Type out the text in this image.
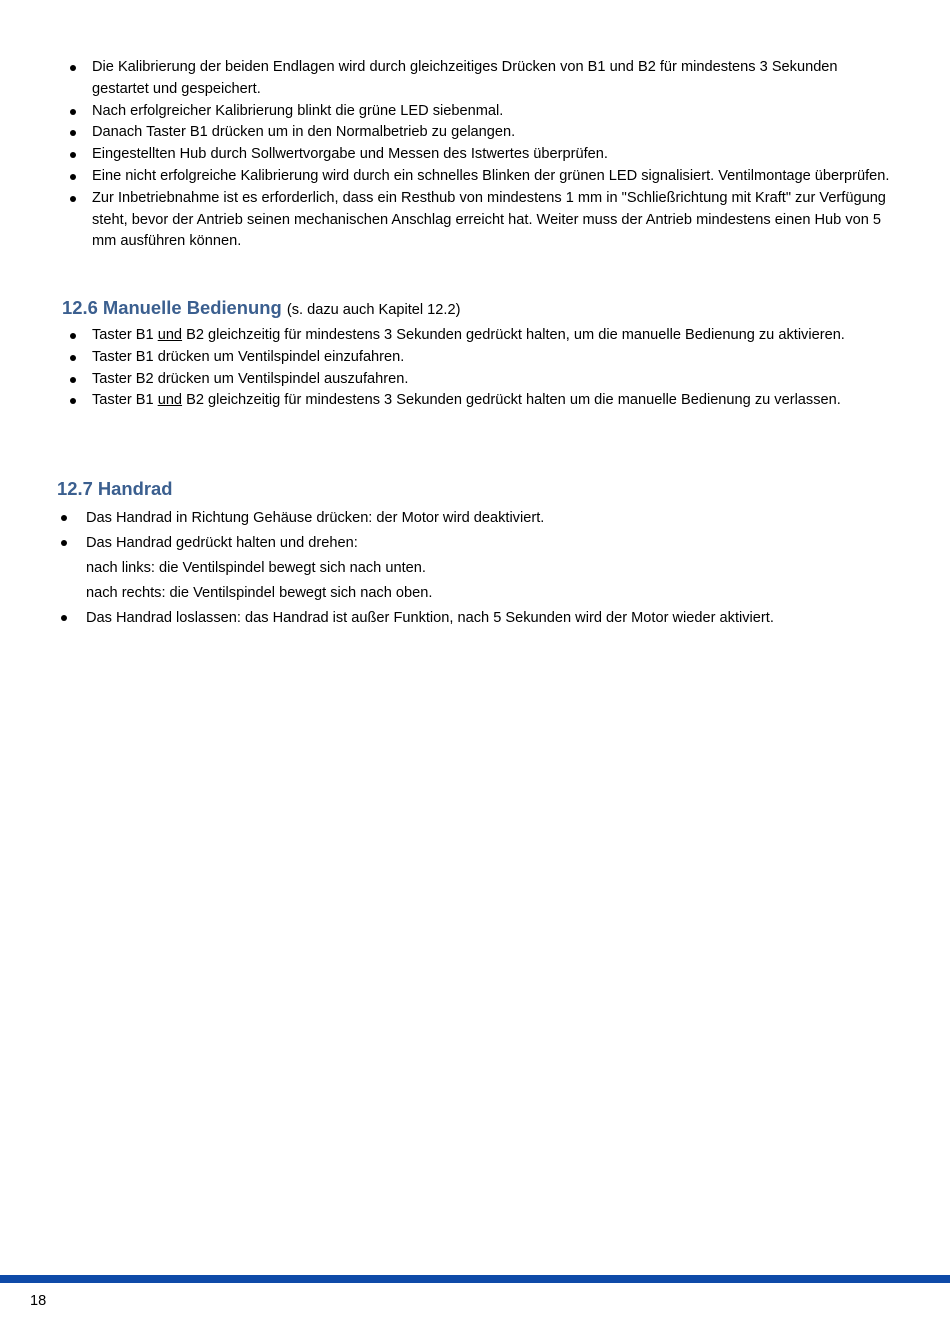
Die Kalibrierung der beiden Endlagen wird durch gleichzeitiges Drücken von B1 und B2 für mindestens 3 Sekunden gestartet und gespeichert.
Nach erfolgreicher Kalibrierung blinkt die grüne LED siebenmal.
Danach Taster B1 drücken um in den Normalbetrieb zu gelangen.
Eingestellten Hub durch Sollwertvorgabe und Messen des Istwertes überprüfen.
Eine nicht erfolgreiche Kalibrierung wird durch ein schnelles Blinken der grünen LED signalisiert. Ventilmontage überprüfen.
Zur Inbetriebnahme ist es erforderlich, dass ein Resthub von mindestens 1 mm in "Schließrichtung mit Kraft" zur Verfügung steht, bevor der Antrieb seinen mechanischen Anschlag erreicht hat. Weiter muss der Antrieb mindestens einen Hub von 5 mm ausführen können.
12.6 Manuelle Bedienung (s. dazu auch Kapitel 12.2)
Taster B1 und B2 gleichzeitig für mindestens 3 Sekunden gedrückt halten, um die manuelle Bedienung zu aktivieren.
Taster B1 drücken um Ventilspindel einzufahren.
Taster B2 drücken um Ventilspindel auszufahren.
Taster B1 und B2 gleichzeitig für mindestens 3 Sekunden gedrückt halten um die manuelle Bedienung zu verlassen.
12.7 Handrad
Das Handrad in Richtung Gehäuse drücken: der Motor wird deaktiviert.
Das Handrad gedrückt halten und drehen:
nach links: die Ventilspindel bewegt sich nach unten.
nach rechts: die Ventilspindel bewegt sich nach oben.
Das Handrad loslassen: das Handrad ist außer Funktion, nach 5 Sekunden wird der Motor wieder aktiviert.
18
